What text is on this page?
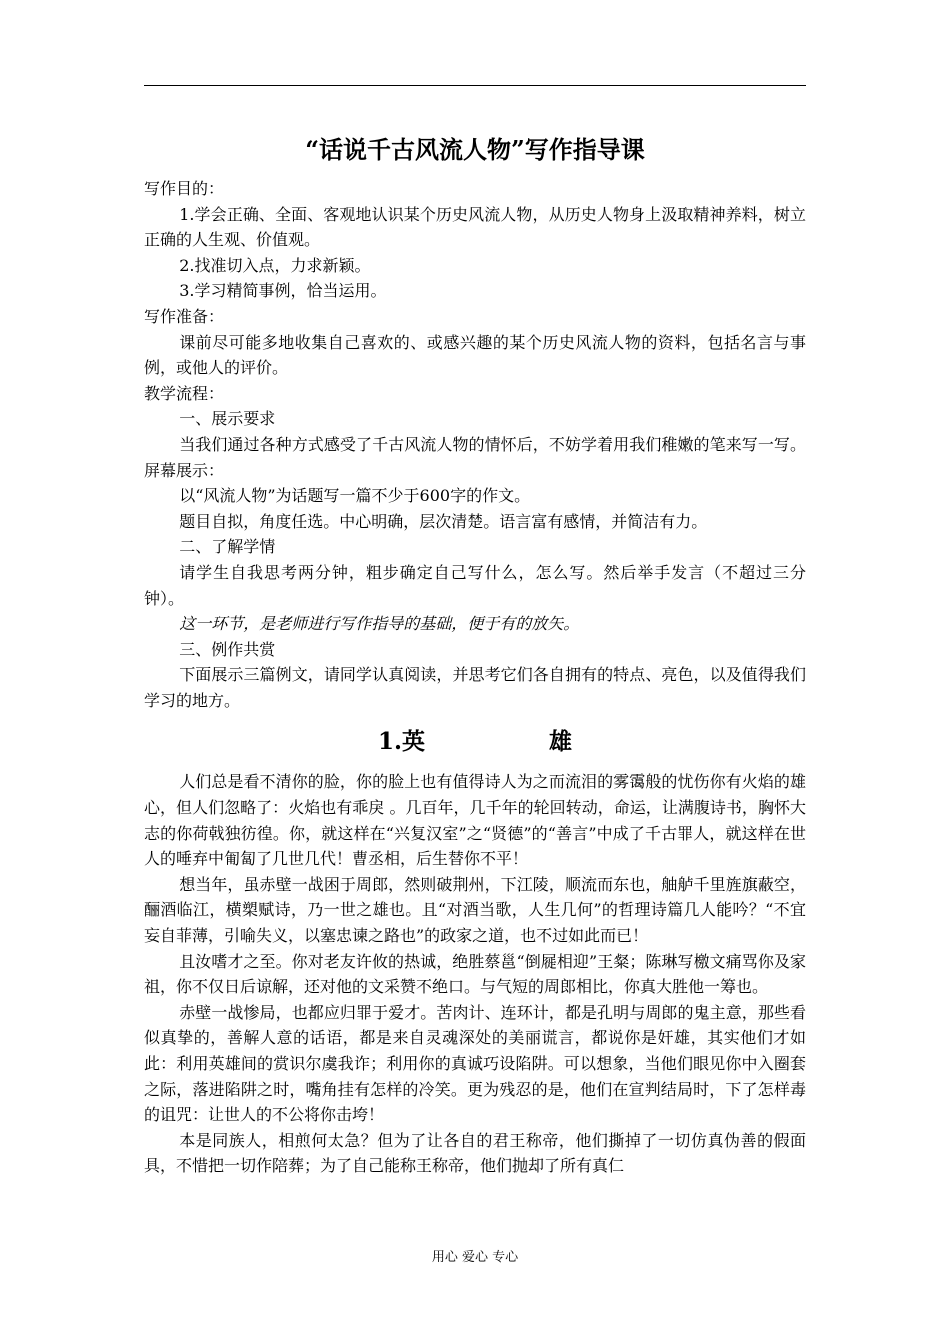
“话说千古风流人物”写作指导课

写作目的：

1.学会正确、全面、客观地认识某个历史风流人物，从历史人物身上汲取精神养料，树立正确的人生观、价值观。

2.找准切入点，力求新颖。

3.学习精简事例，恰当运用。

写作准备：

课前尽可能多地收集自己喜欢的、或感兴趣的某个历史风流人物的资料，包括名言与事例，或他人的评价。

教学流程：

一、展示要求

当我们通过各种方式感受了千古风流人物的情怀后，不妨学着用我们稚嫩的笔来写一写。屏幕展示：

以“风流人物”为话题写一篇不少于600字的作文。

题目自拟，角度任选。中心明确，层次清楚。语言富有感情，并简洁有力。

二、了解学情

请学生自我思考两分钟，粗步确定自己写什么，怎么写。然后举手发言（不超过三分钟）。

这一环节，是老师进行写作指导的基础，便于有的放矢。

三、例作共赏

下面展示三篇例文，请同学认真阅读，并思考它们各自拥有的特点、亮色，以及值得我们学习的地方。

1.英	雄

人们总是看不清你的脸，你的脸上也有值得诗人为之而流泪的雾霭般的忧伤你有火焰的雄心，但人们忽略了：火焰也有乖戾 。几百年，几千年的轮回转动，命运，让满腹诗书，胸怀大志的你荷戟独彷徨。你，就这样在“兴复汉室”之“贤德”的“善言”中成了千古罪人，就这样在世人的唾弃中匍匐了几世几代！曹丞相，后生替你不平！

想当年，虽赤壁一战困于周郎，然则破荆州，下江陵，顺流而东也，舳舻千里旌旗蔽空，酾酒临江，横槊赋诗，乃一世之雄也。且“对酒当歌，人生几何”的哲理诗篇几人能吟？“不宜妄自菲薄，引喻失义，以塞忠谏之路也”的政家之道，也不过如此而已！

且汝嗜才之至。你对老友许攸的热诚，绝胜蔡邕“倒屣相迎”王粲；陈琳写檄文痛骂你及家祖，你不仅日后谅解，还对他的文采赞不绝口。与气短的周郎相比，你真大胜他一筹也。

赤壁一战惨局，也都应归罪于爱才。苦肉计、连环计，都是孔明与周郎的鬼主意，那些看似真挚的，善解人意的话语，都是来自灵魂深处的美丽谎言，都说你是奸雄，其实他们才如此：利用英雄间的赏识尔虞我诈；利用你的真诚巧设陷阱。可以想象，当他们眼见你中入圈套之际，落进陷阱之时，嘴角挂有怎样的冷笑。更为残忍的是，他们在宣判结局时，下了怎样毒的诅咒：让世人的不公将你击垮！

本是同族人，相煎何太急？但为了让各自的君王称帝，他们撕掉了一切仿真伪善的假面具，不惜把一切作陪葬；为了自己能称王称帝，他们抛却了所有真仁

用心 爱心 专心
